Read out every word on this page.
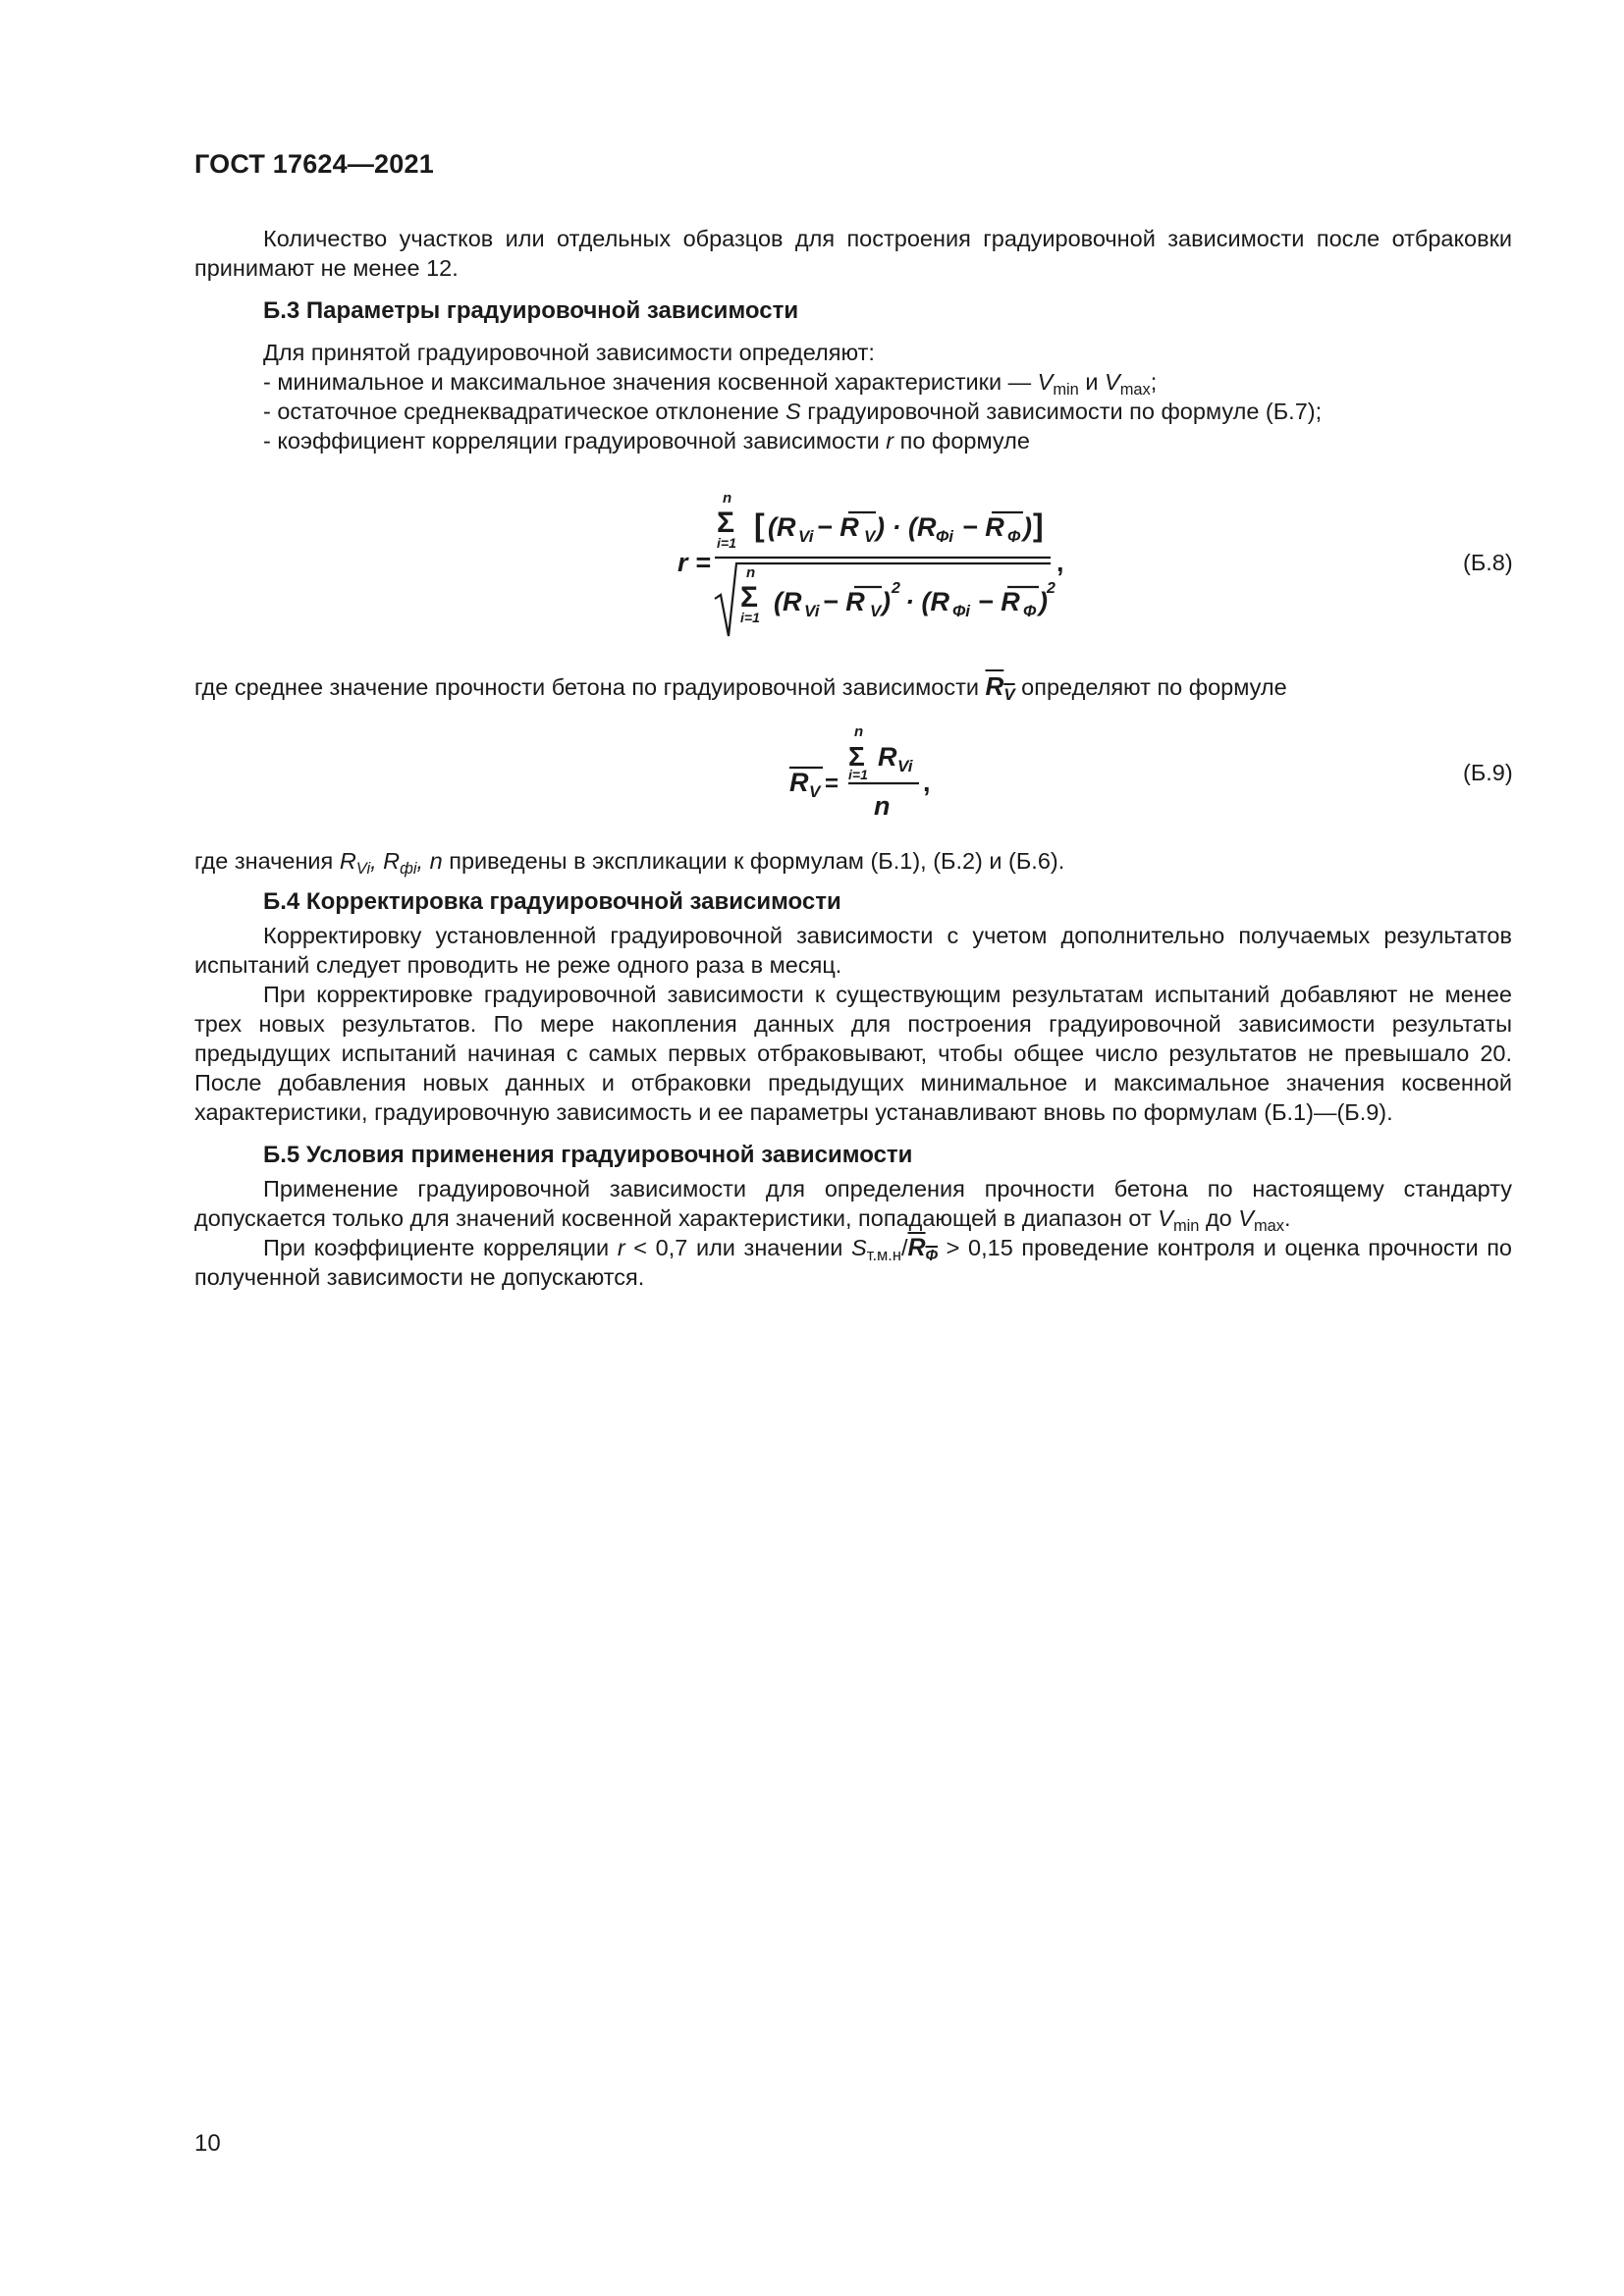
ГОСТ 17624—2021

Количество участков или отдельных образцов для построения градуировочной зависимости после отбраковки принимают не менее 12.

Б.3 Параметры градуировочной зависимости

Для принятой градуировочной зависимости определяют:

- минимальное и максимальное значения косвенной характеристики — $V_{min}$ и $V_{max}$;

- остаточное среднеквадратическое отклонение S градуировочной зависимости по формуле (Б.7);

- коэффициент корреляции градуировочной зависимости r по формуле

r =
n
Σ
i=1 [ (R Vi − R V ) · (R Фi − R Ф ) ]
,
n
Σ
i=1
(R Vi − R V ) 2 · (R Фi − R Ф ) 2
(Б.8)

где среднее значение прочности бетона по градуировочной зависимости $R_V$ определяют по формуле

R V =
n
Σ
i=1
R Vi
n
,	(Б.9)

где значения $R_{Vi}$, $R_{фi}$, n приведены в экспликации к формулам (Б.1), (Б.2) и (Б.6).

Б.4 Корректировка градуировочной зависимости

Корректировку установленной градуировочной зависимости с учетом дополнительно получаемых результатов испытаний следует проводить не реже одного раза в месяц.

При корректировке градуировочной зависимости к существующим результатам испытаний добавляют не менее трех новых результатов. По мере накопления данных для построения градуировочной зависимости результаты предыдущих испытаний начиная с самых первых отбраковывают, чтобы общее число результатов не превышало 20. После добавления новых данных и отбраковки предыдущих минимальное и максимальное значения косвенной характеристики, градуировочную зависимость и ее параметры устанавливают вновь по формулам (Б.1)—(Б.9).

Б.5 Условия применения градуировочной зависимости

Применение градуировочной зависимости для определения прочности бетона по настоящему стандарту допускается только для значений косвенной характеристики, попадающей в диапазон от $V_{min}$ до $V_{max}$.

При коэффициенте корреляции r < 0,7 или значении $S_{т.м.н}/R_Ф > 0,15$ проведение контроля и оценка прочности по полученной зависимости не допускаются.

10
